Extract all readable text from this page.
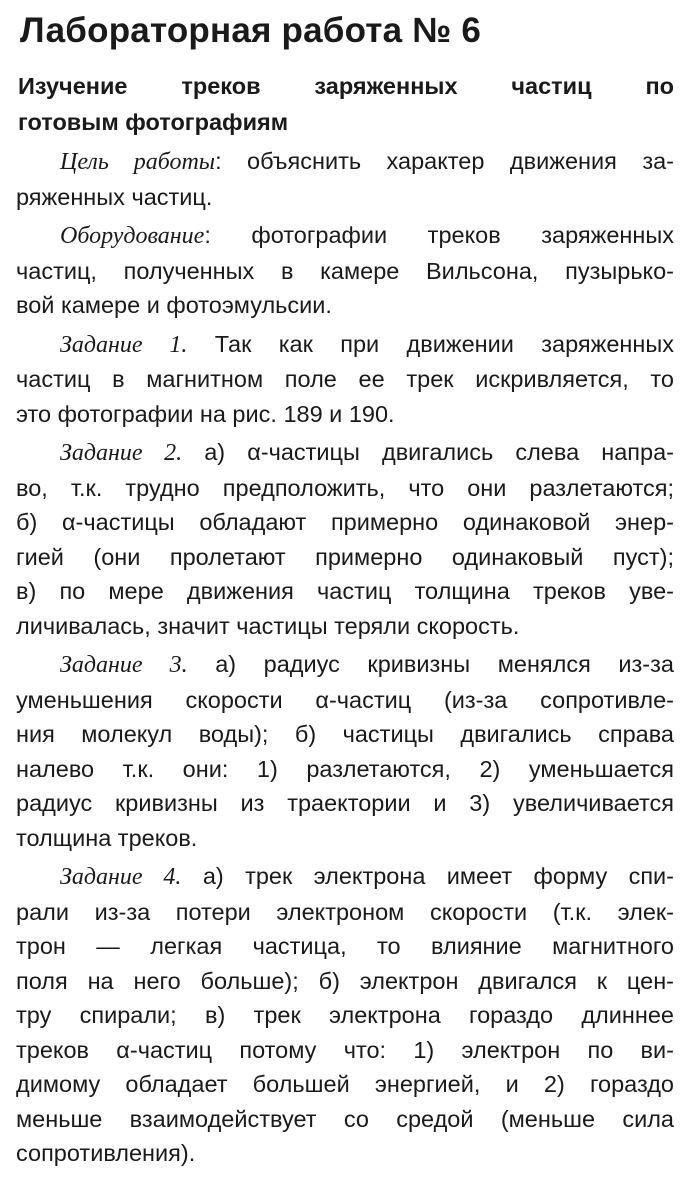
Лабораторная работа № 6
Изучение треков заряженных частиц по
готовым фотографиям
Цель работы: объяснить характер движения за-
ряженных частиц.
Оборудование: фотографии треков заряженных
частиц, полученных в камере Вильсона, пузырько-
вой камере и фотоэмульсии.
Задание 1. Так как при движении заряженных
частиц в магнитном поле ее трек искривляется, то
это фотографии на рис. 189 и 190.
Задание 2. а) α-частицы двигались слева напра-
во, т.к. трудно предположить, что они разлетаются;
б) α-частицы обладают примерно одинаковой энер-
гией (они пролетают примерно одинаковый пуст);
в) по мере движения частиц толщина треков уве-
личивалась, значит частицы теряли скорость.
Задание 3. а) радиус кривизны менялся из-за
уменьшения скорости α-частиц (из-за сопротивле-
ния молекул воды); б) частицы двигались справа
налево т.к. они: 1) разлетаются, 2) уменьшается
радиус кривизны из траектории и 3) увеличивается
толщина треков.
Задание 4. а) трек электрона имеет форму спи-
рали из-за потери электроном скорости (т.к. элек-
трон — легкая частица, то влияние магнитного
поля на него больше); б) электрон двигался к цен-
тру спирали; в) трек электрона гораздо длиннее
треков α-частиц потому что: 1) электрон по ви-
димому обладает большей энергией, и 2) гораздо
меньше взаимодействует со средой (меньше сила
сопротивления).
